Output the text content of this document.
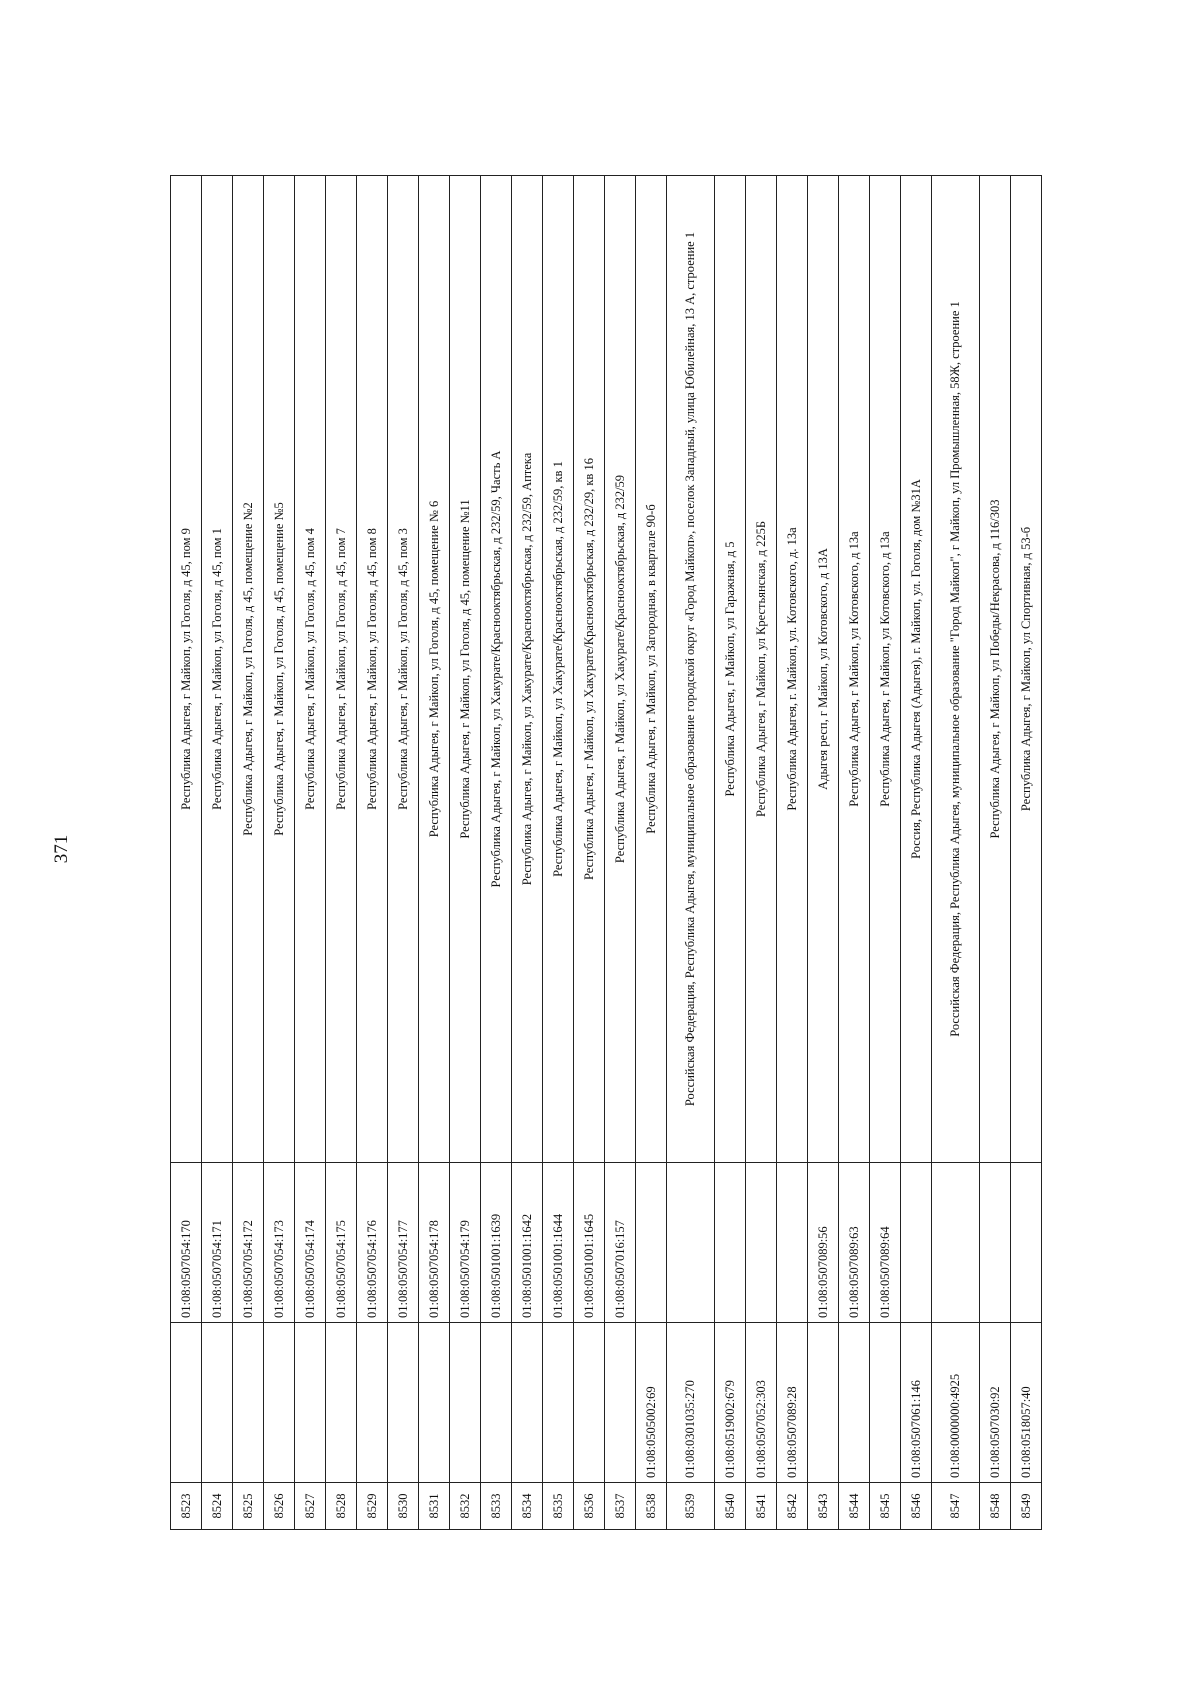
371
8523		01:08:0507054:170	Республика Адыгея, г Майкоп, ул Гоголя, д 45, пом 9
8524		01:08:0507054:171	Республика Адыгея, г Майкоп, ул Гоголя, д 45, пом 1
8525		01:08:0507054:172	Республика Адыгея, г Майкоп, ул Гоголя, д 45, помещение №2
8526		01:08:0507054:173	Республика Адыгея, г Майкоп, ул Гоголя, д 45, помещение №5
8527		01:08:0507054:174	Республика Адыгея, г Майкоп, ул Гоголя, д 45, пом 4
8528		01:08:0507054:175	Республика Адыгея, г Майкоп, ул Гоголя, д 45, пом 7
8529		01:08:0507054:176	Республика Адыгея, г Майкоп, ул Гоголя, д 45, пом 8
8530		01:08:0507054:177	Республика Адыгея, г Майкоп, ул Гоголя, д 45, пом 3
8531		01:08:0507054:178	Республика Адыгея, г Майкоп, ул Гоголя, д 45, помещение № 6
8532		01:08:0507054:179	Республика Адыгея, г Майкоп, ул Гоголя, д 45, помещение №11
8533		01:08:0501001:1639	Республика Адыгея, г Майкоп, ул Хакурате/Краснооктябрьская, д 232/59, Часть А
8534		01:08:0501001:1642	Республика Адыгея, г Майкоп, ул Хакурате/Краснооктябрьская, д 232/59, Аптека
8535		01:08:0501001:1644	Республика Адыгея, г Майкоп, ул Хакурате/Краснооктябрьская, д 232/59, кв 1
8536		01:08:0501001:1645	Республика Адыгея, г Майкоп, ул Хакурате/Краснооктябрьская, д 232/29, кв 16
8537		01:08:0507016:157	Республика Адыгея, г Майкоп, ул Хакурате/Краснооктябрьская, д 232/59
8538	01:08:0505002:69		Республика Адыгея, г Майкоп, ул Загородная, в квартале 90-б
8539	01:08:0301035:270		Российская Федерация, Республика Адыгея, муниципальное образование городской округ «Город Майкоп», поселок Западный, улица Юбилейная, 13 А, строение 1
8540	01:08:0519002:679		Республика Адыгея, г Майкоп, ул Гаражная, д 5
8541	01:08:0507052:303		Республика Адыгея, г Майкоп, ул Крестьянская, д 225Б
8542	01:08:0507089:28		Республика Адыгея, г. Майкоп, ул. Котовского, д. 13а
8543		01:08:0507089:56	Адыгея респ, г Майкоп, ул Котовского, д 13А
8544		01:08:0507089:63	Республика Адыгея, г Майкоп, ул Котовского, д 13а
8545		01:08:0507089:64	Республика Адыгея, г Майкоп, ул Котовского, д 13а
8546	01:08:0507061:146		Россия, Республика Адыгея (Адыгея), г. Майкоп, ул. Гоголя, дом №31А
8547	01:08:0000000:4925		Российская Федерация, Республика Адыгея, муниципальное образование "Город Майкоп", г Майкоп, ул Промышленная, 58Ж, строение 1
8548	01:08:0507030:92		Республика Адыгея, г Майкоп, ул Победы/Некрасова, д 116/303
8549	01:08:0518057:40		Республика Адыгея, г Майкоп, ул Спортивная, д 53-б
